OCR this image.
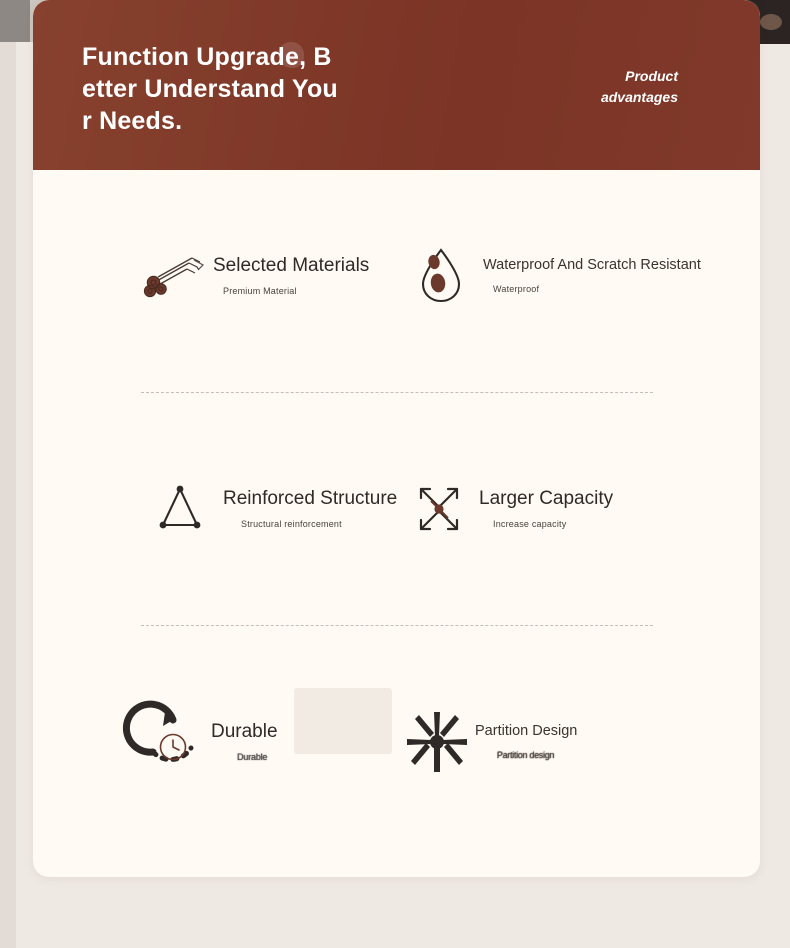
Function Upgrade, Better Understand Your Needs.
Product
advantages
Selected Materials
Premium Material
Waterproof And Scratch Resistant
Waterproof
Reinforced Structure
Structural reinforcement
Larger Capacity
Increase capacity
Durable
Durable
Partition Design
Partition design
